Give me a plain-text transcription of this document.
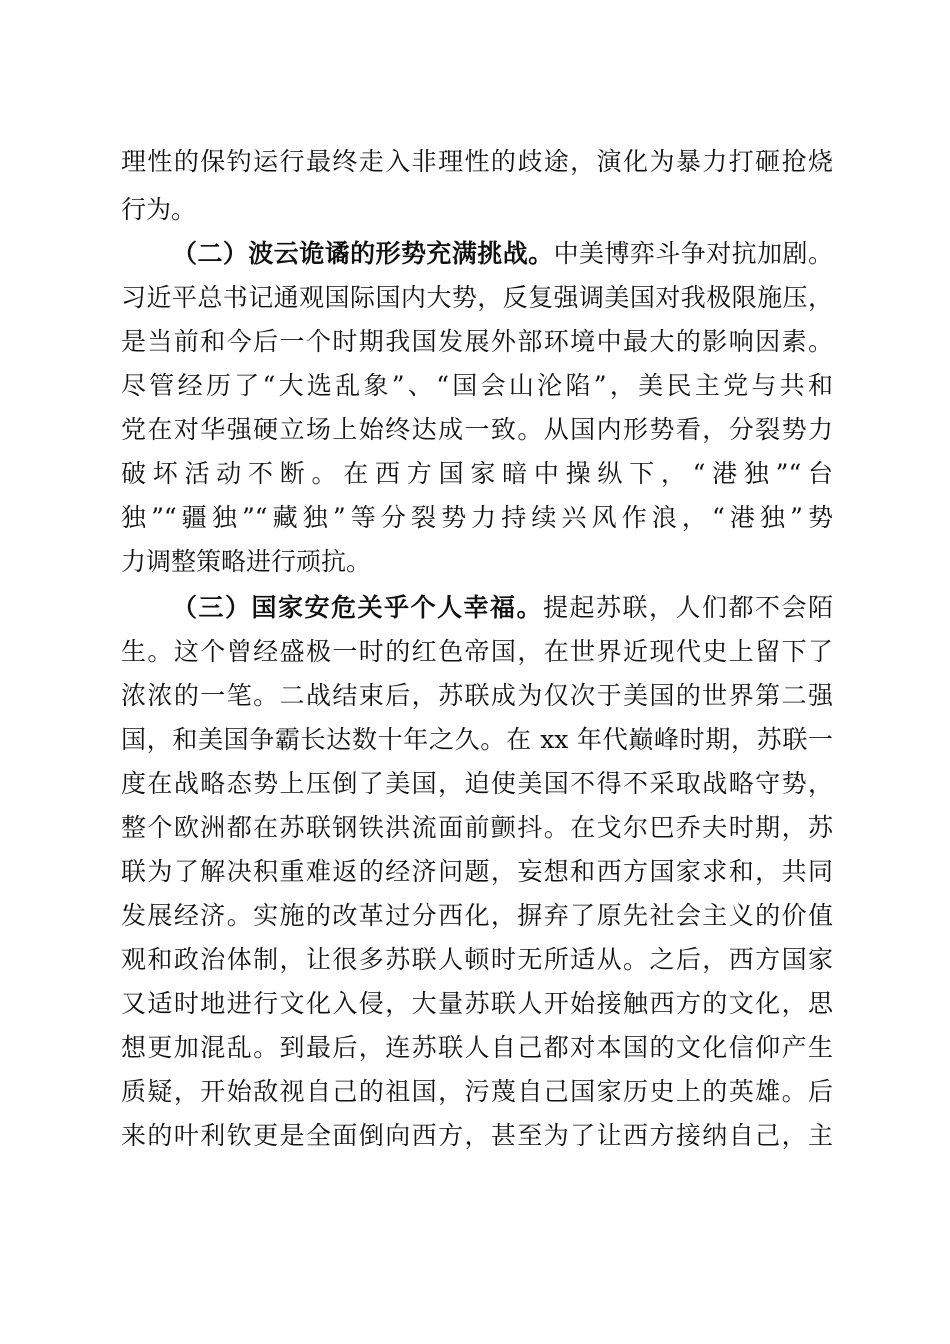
理性的保钓运行最终走入非理性的歧途，演化为暴力打砸抢烧
行为。
（二）波云诡谲的形势充满挑战。中美博弈斗争对抗加剧。
习近平总书记通观国际国内大势，反复强调美国对我极限施压，
是当前和今后一个时期我国发展外部环境中最大的影响因素。
尽管经历了“大选乱象”、“国会山沦陷”，美民主党与共和
党在对华强硬立场上始终达成一致。从国内形势看，分裂势力
破坏活动不断。在西方国家暗中操纵下，“港独”“台
独”“疆独”“藏独”等分裂势力持续兴风作浪，“港独”势
力调整策略进行顽抗。
（三）国家安危关乎个人幸福。提起苏联，人们都不会陌
生。这个曾经盛极一时的红色帝国，在世界近现代史上留下了
浓浓的一笔。二战结束后，苏联成为仅次于美国的世界第二强
国，和美国争霸长达数十年之久。在 xx 年代巅峰时期，苏联一
度在战略态势上压倒了美国，迫使美国不得不采取战略守势，
整个欧洲都在苏联钢铁洪流面前颤抖。在戈尔巴乔夫时期，苏
联为了解决积重难返的经济问题，妄想和西方国家求和，共同
发展经济。实施的改革过分西化，摒弃了原先社会主义的价值
观和政治体制，让很多苏联人顿时无所适从。之后，西方国家
又适时地进行文化入侵，大量苏联人开始接触西方的文化，思
想更加混乱。到最后，连苏联人自己都对本国的文化信仰产生
质疑，开始敌视自己的祖国，污蔑自己国家历史上的英雄。后
来的叶利钦更是全面倒向西方，甚至为了让西方接纳自己，主
